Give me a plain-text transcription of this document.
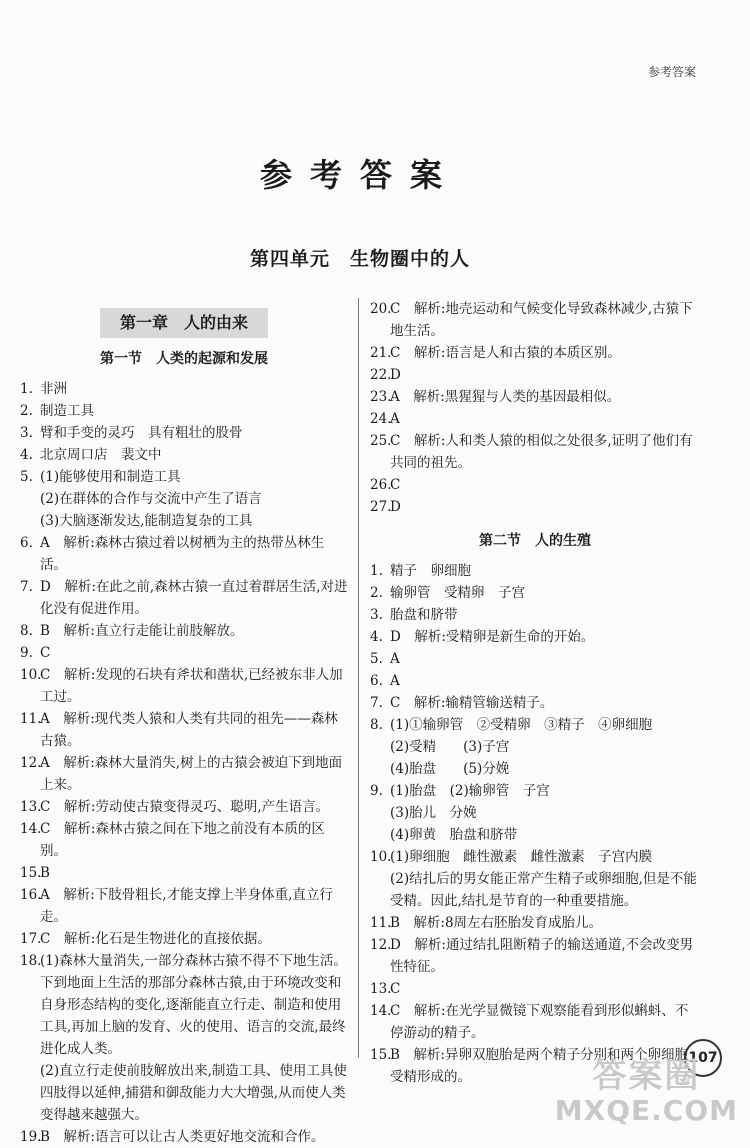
参考答案
参考答案
第四单元　生物圈中的人
第一章　人的由来
第一节　人类的起源和发展
1. 非洲
2. 制造工具
3. 臂和手变的灵巧　具有粗壮的股骨
4. 北京周口店　裴文中
5. (1)能够使用和制造工具
(2)在群体的合作与交流中产生了语言
(3)大脑逐渐发达,能制造复杂的工具
6. A　解析:森林古猿过着以树栖为主的热带丛林生活。
7. D　解析:在此之前,森林古猿一直过着群居生活,对进化没有促进作用。
8. B　解析:直立行走能让前肢解放。
9. C
10.
C　解析:发现的石块有斧状和凿状,已经被东非人加工过。
11.
A　解析:现代类人猿和人类有共同的祖先——森林古猿。
12.
A　解析:森林大量消失,树上的古猿会被迫下到地面上来。
13.
C　解析:劳动使古猿变得灵巧、聪明,产生语言。
14.
C　解析:森林古猿之间在下地之前没有本质的区别。
15.
B
16.
A　解析:下肢骨粗长,才能支撑上半身体重,直立行走。
17.
C　解析:化石是生物进化的直接依据。
18.
(1)森林大量消失,一部分森林古猿不得不下地生活。下到地面上生活的那部分森林古猿,由于环境改变和自身形态结构的变化,逐渐能直立行走、制造和使用工具,再加上脑的发育、火的使用、语言的交流,最终进化成人类。
(2)直立行走使前肢解放出来,制造工具、使用工具使四肢得以延伸,捕猎和御敌能力大大增强,从而使人类变得越来越强大。
19.
B　解析:语言可以让古人类更好地交流和合作。
20.
C　解析:地壳运动和气候变化导致森林减少,古猿下地生活。
21.
C　解析:语言是人和古猿的本质区别。
22.
D
23.
A　解析:黑猩猩与人类的基因最相似。
24.
A
25.
C　解析:人和类人猿的相似之处很多,证明了他们有共同的祖先。
26.
C
27.
D
第二节　人的生殖
1. 精子　卵细胞
2. 输卵管　受精卵　子宫
3. 胎盘和脐带
4. D　解析:受精卵是新生命的开始。
5. A
6. A
7. C　解析:输精管输送精子。
8. (1)①输卵管　②受精卵　③精子　④卵细胞
(2)受精　　(3)子宫
(4)胎盘　　(5)分娩
9. (1)胎盘　(2)输卵管　子宫
(3)胎儿　分娩
(4)卵黄　胎盘和脐带
10.
(1)卵细胞　雌性激素　雌性激素　子宫内膜
(2)结扎后的男女能正常产生精子或卵细胞,但是不能受精。因此,结扎是节育的一种重要措施。
11.
B　解析:8周左右胚胎发育成胎儿。
12.
D　解析:通过结扎阻断精子的输送通道,不会改变男性特征。
13.
C
14.
C　解析:在光学显微镜下观察能看到形似蝌蚪、不停游动的精子。
15.
B　解析:异卵双胞胎是两个精子分别和两个卵细胞受精形成的。
107
答案圈
MXQE.COM
